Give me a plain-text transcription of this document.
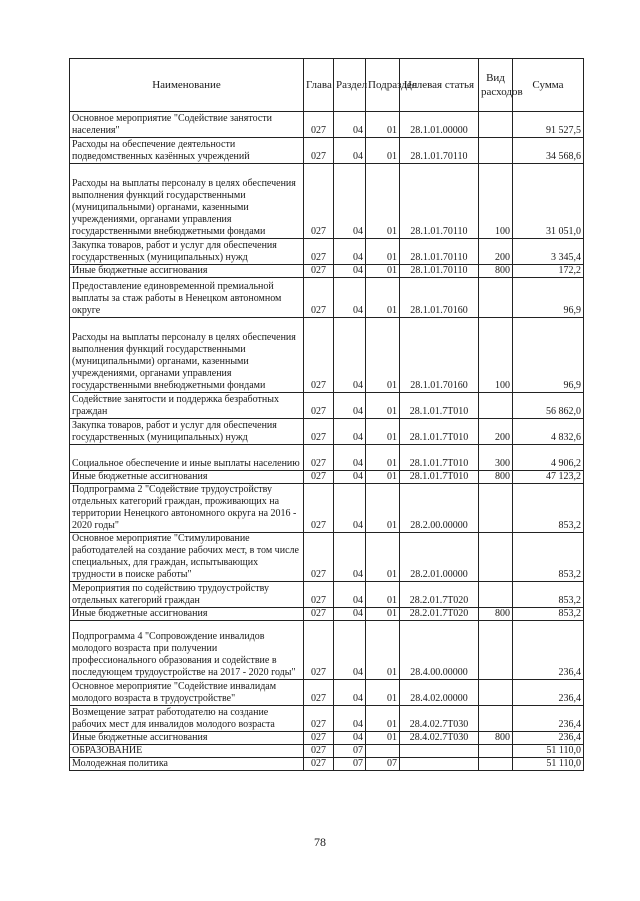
Наименование	Глава	Раздел	Подраздел	Целевая статья	Вид расходов	Сумма
Основное мероприятие "Содействие занятости населения"	027	04	01	28.1.01.00000		91 527,5
Расходы на обеспечение деятельности подведомственных казённых учреждений	027	04	01	28.1.01.70110		34 568,6
Расходы на выплаты персоналу в целях обеспечения выполнения функций государственными (муниципальными) органами, казенными учреждениями, органами управления государственными внебюджетными фондами	027	04	01	28.1.01.70110	100	31 051,0
Закупка товаров, работ и услуг для обеспечения государственных (муниципальных) нужд	027	04	01	28.1.01.70110	200	3 345,4
Иные бюджетные ассигнования	027	04	01	28.1.01.70110	800	172,2
Предоставление единовременной премиальной выплаты за стаж работы в Ненецком автономном округе	027	04	01	28.1.01.70160		96,9
Расходы на выплаты персоналу в целях обеспечения выполнения функций государственными (муниципальными) органами, казенными учреждениями, органами управления государственными внебюджетными фондами	027	04	01	28.1.01.70160	100	96,9
Содействие занятости и поддержка безработных граждан	027	04	01	28.1.01.7Т010		56 862,0
Закупка товаров, работ и услуг для обеспечения государственных (муниципальных) нужд	027	04	01	28.1.01.7Т010	200	4 832,6
Социальное обеспечение и иные выплаты населению	027	04	01	28.1.01.7Т010	300	4 906,2
Иные бюджетные ассигнования	027	04	01	28.1.01.7Т010	800	47 123,2
Подпрограмма 2 "Содействие трудоустройству отдельных категорий граждан, проживающих на территории Ненецкого автономного округа на 2016 - 2020 годы"	027	04	01	28.2.00.00000		853,2
Основное мероприятие "Стимулирование работодателей на создание рабочих мест, в том числе специальных, для граждан, испытывающих трудности в поиске работы"	027	04	01	28.2.01.00000		853,2
Мероприятия по содействию трудоустройству отдельных категорий граждан	027	04	01	28.2.01.7Т020		853,2
Иные бюджетные ассигнования	027	04	01	28.2.01.7Т020	800	853,2
Подпрограмма 4 "Сопровождение инвалидов молодого возраста при получении профессионального образования и содействие в последующем трудоустройстве на 2017 - 2020 годы"	027	04	01	28.4.00.00000		236,4
Основное мероприятие "Содействие инвалидам молодого возраста в трудоустройстве"	027	04	01	28.4.02.00000		236,4
Возмещение затрат работодателю на создание рабочих мест для инвалидов молодого возраста	027	04	01	28.4.02.7Т030		236,4
Иные бюджетные ассигнования	027	04	01	28.4.02.7Т030	800	236,4
ОБРАЗОВАНИЕ	027	07				51 110,0
Молодежная политика	027	07	07			51 110,0
78
